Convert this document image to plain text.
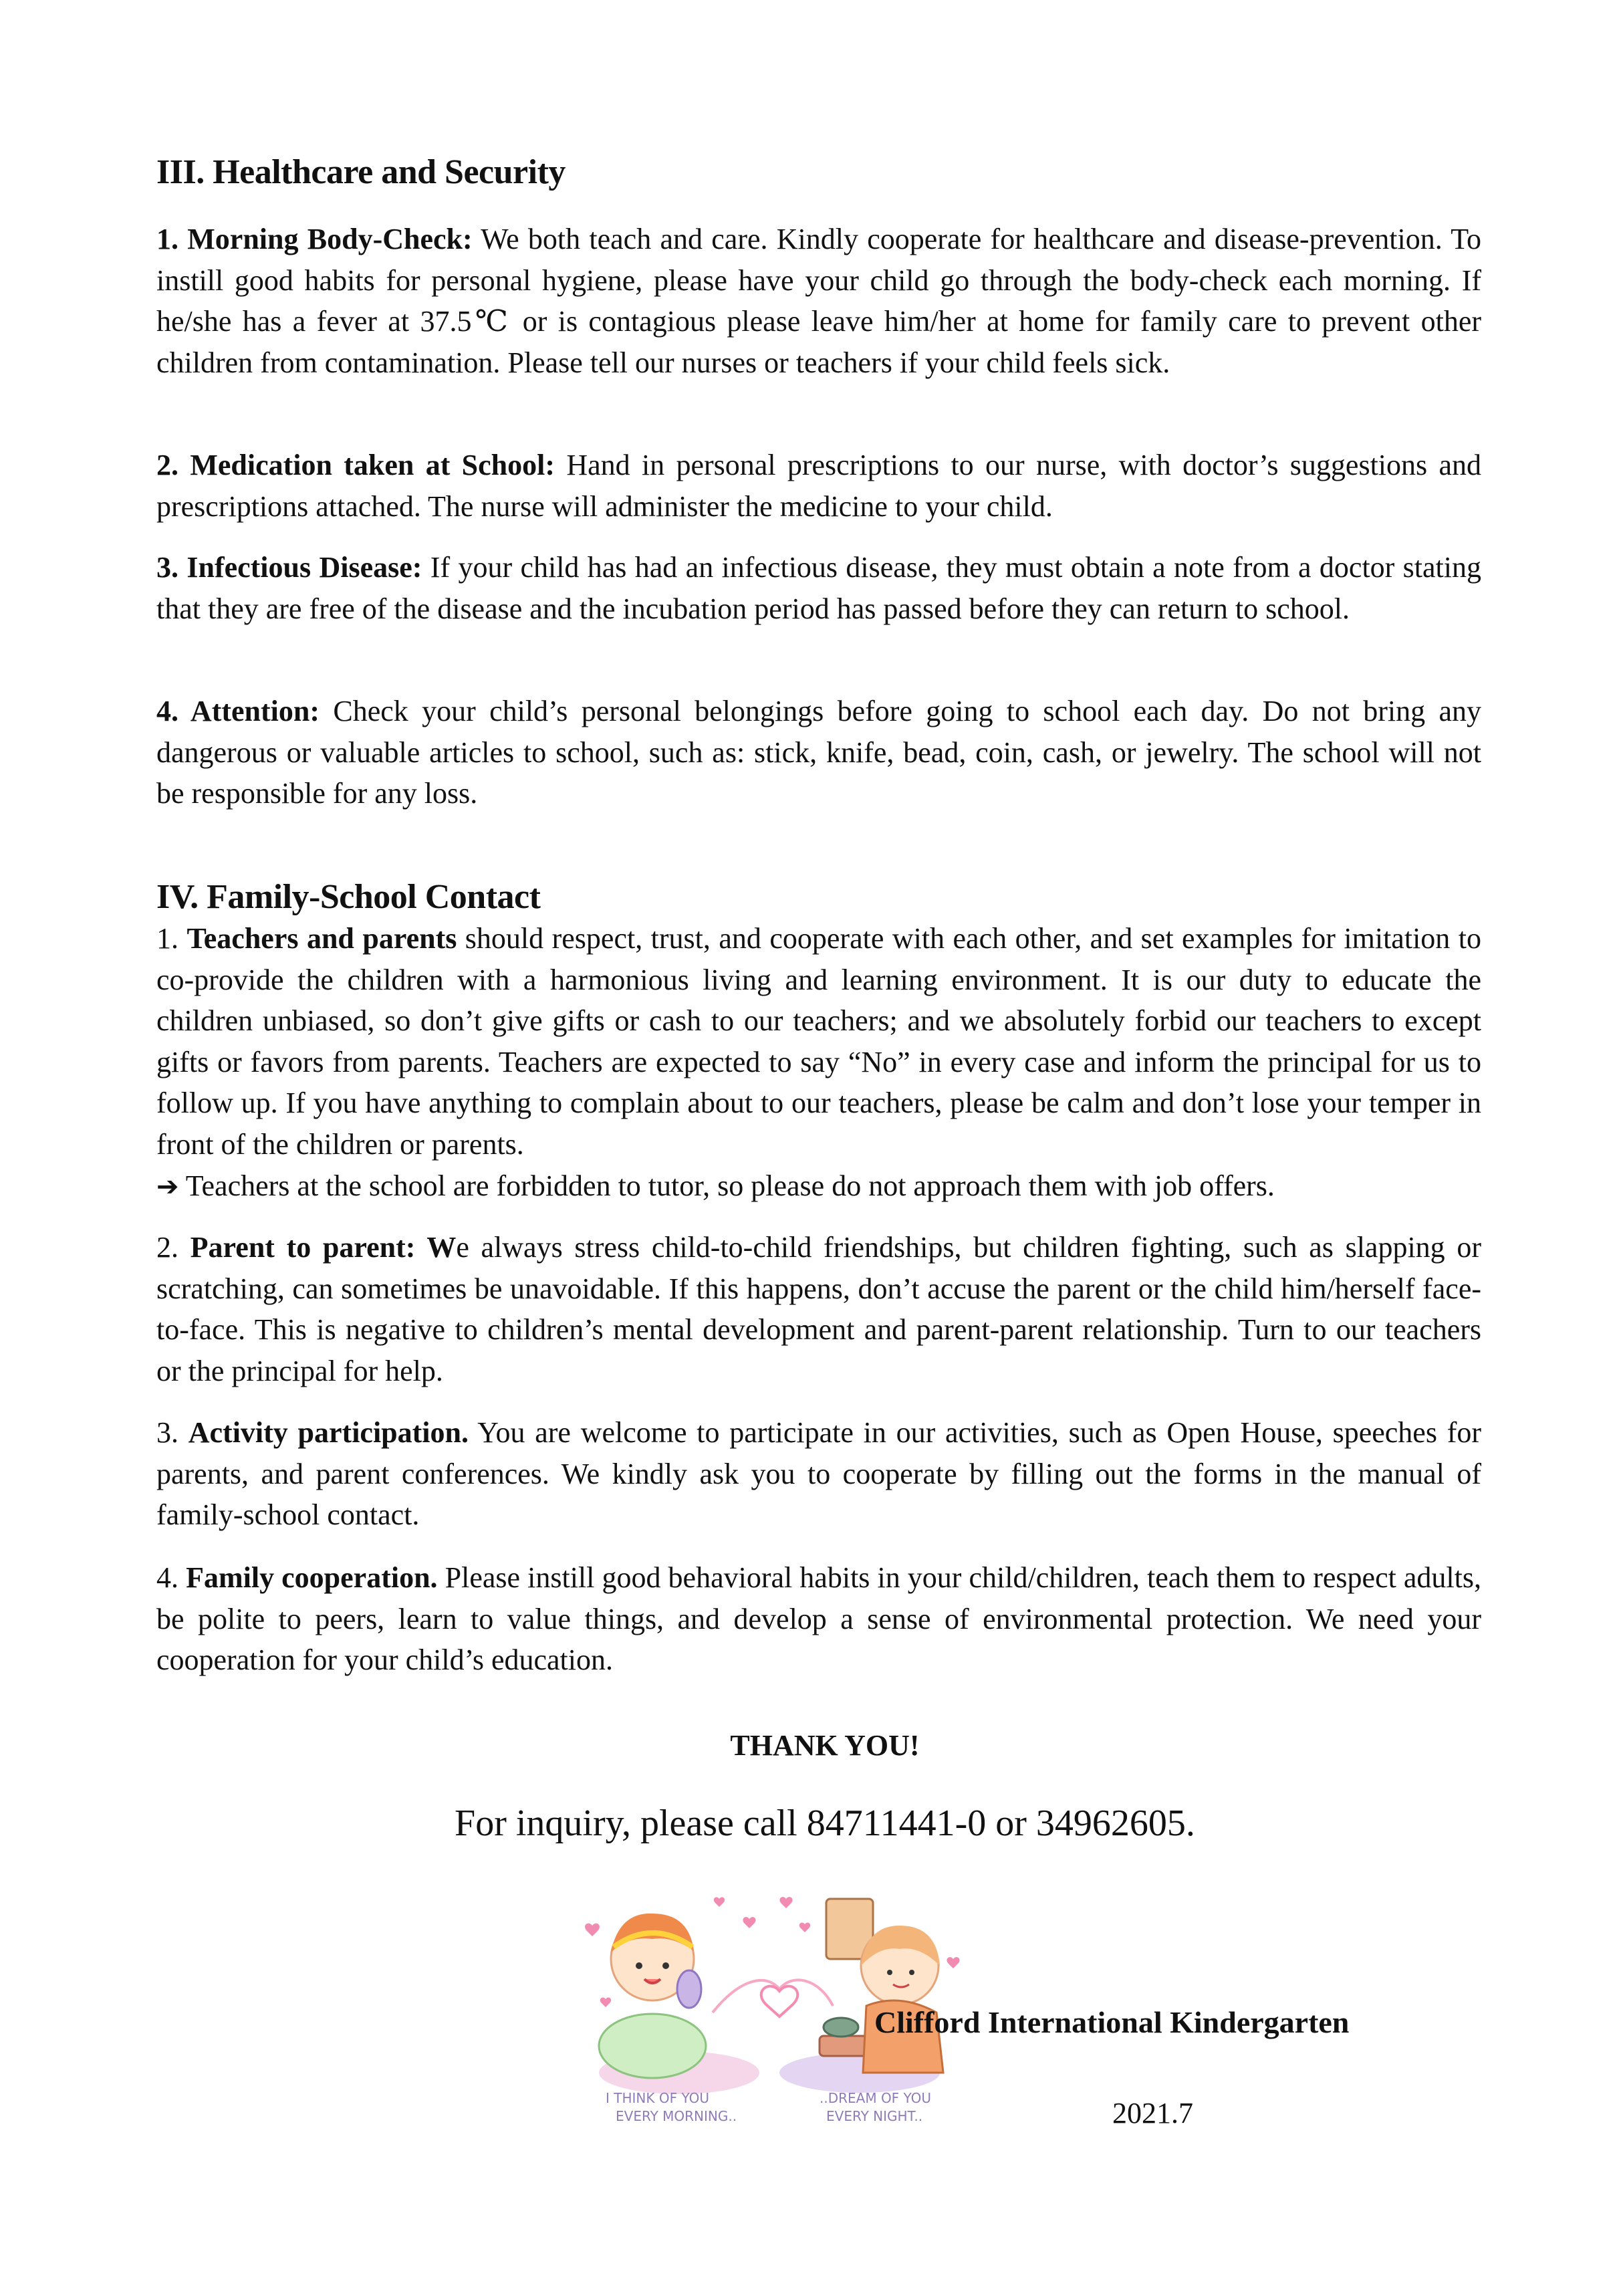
III. Healthcare and Security

1. Morning Body-Check: We both teach and care. Kindly cooperate for healthcare and disease-prevention. To instill good habits for personal hygiene, please have your child go through the body-check each morning. If he/she has a fever at 37.5℃ or is contagious please leave him/her at home for family care to prevent other children from contamination. Please tell our nurses or teachers if your child feels sick.

2. Medication taken at School: Hand in personal prescriptions to our nurse, with doctor’s suggestions and prescriptions attached. The nurse will administer the medicine to your child.

3. Infectious Disease: If your child has had an infectious disease, they must obtain a note from a doctor stating that they are free of the disease and the incubation period has passed before they can return to school.

4. Attention: Check your child’s personal belongings before going to school each day. Do not bring any dangerous or valuable articles to school, such as: stick, knife, bead, coin, cash, or jewelry. The school will not be responsible for any loss.

IV. Family-School Contact

1. Teachers and parents should respect, trust, and cooperate with each other, and set examples for imitation to co-provide the children with a harmonious living and learning environment. It is our duty to educate the children unbiased, so don’t give gifts or cash to our teachers; and we absolutely forbid our teachers to except gifts or favors from parents. Teachers are expected to say “No” in every case and inform the principal for us to follow up. If you have anything to complain about to our teachers, please be calm and don’t lose your temper in front of the children or parents.

➔ Teachers at the school are forbidden to tutor, so please do not approach them with job offers.

2. Parent to parent: We always stress child-to-child friendships, but children fighting, such as slapping or scratching, can sometimes be unavoidable. If this happens, don’t accuse the parent or the child him/herself face-to-face. This is negative to children’s mental development and parent-parent relationship. Turn to our teachers or the principal for help.

3. Activity participation. You are welcome to participate in our activities, such as Open House, speeches for parents, and parent conferences. We kindly ask you to cooperate by filling out the forms in the manual of family-school contact.

4. Family cooperation. Please instill good behavioral habits in your child/children, teach them to respect adults, be polite to peers, learn to value things, and develop a sense of environmental protection. We need your cooperation for your child’s education.

THANK YOU!
For inquiry, please call 84711441-0 or 34962605.
I THINK OF YOU
EVERY MORNING..
..DREAM OF YOU
EVERY NIGHT..
Clifford International Kindergarten
2021.7
